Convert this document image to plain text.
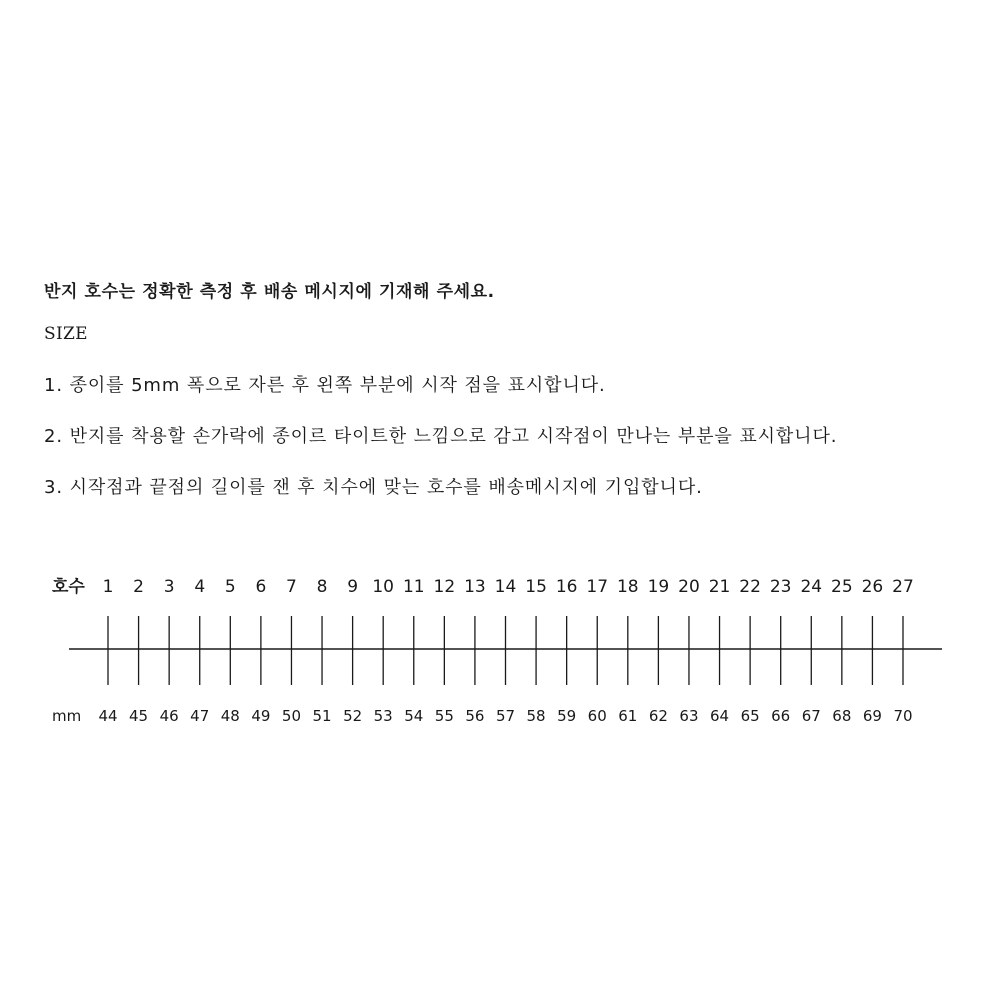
반지 호수는 정확한 측정 후 배송 메시지에 기재해 주세요.
SIZE
1. 종이를 5mm 폭으로 자른 후 왼쪽 부분에 시작 점을 표시합니다.
2. 반지를 착용할 손가락에 종이르 타이트한 느낌으로 감고 시작점이 만나는 부분을 표시합니다.
3. 시작점과 끝점의 길이를 잰 후 치수에 맞는 호수를 배송메시지에 기입합니다.
호수
mm
1
44
2
45
3
46
4
47
5
48
6
49
7
50
8
51
9
52
10
53
11
54
12
55
13
56
14
57
15
58
16
59
17
60
18
61
19
62
20
63
21
64
22
65
23
66
24
67
25
68
26
69
27
70
